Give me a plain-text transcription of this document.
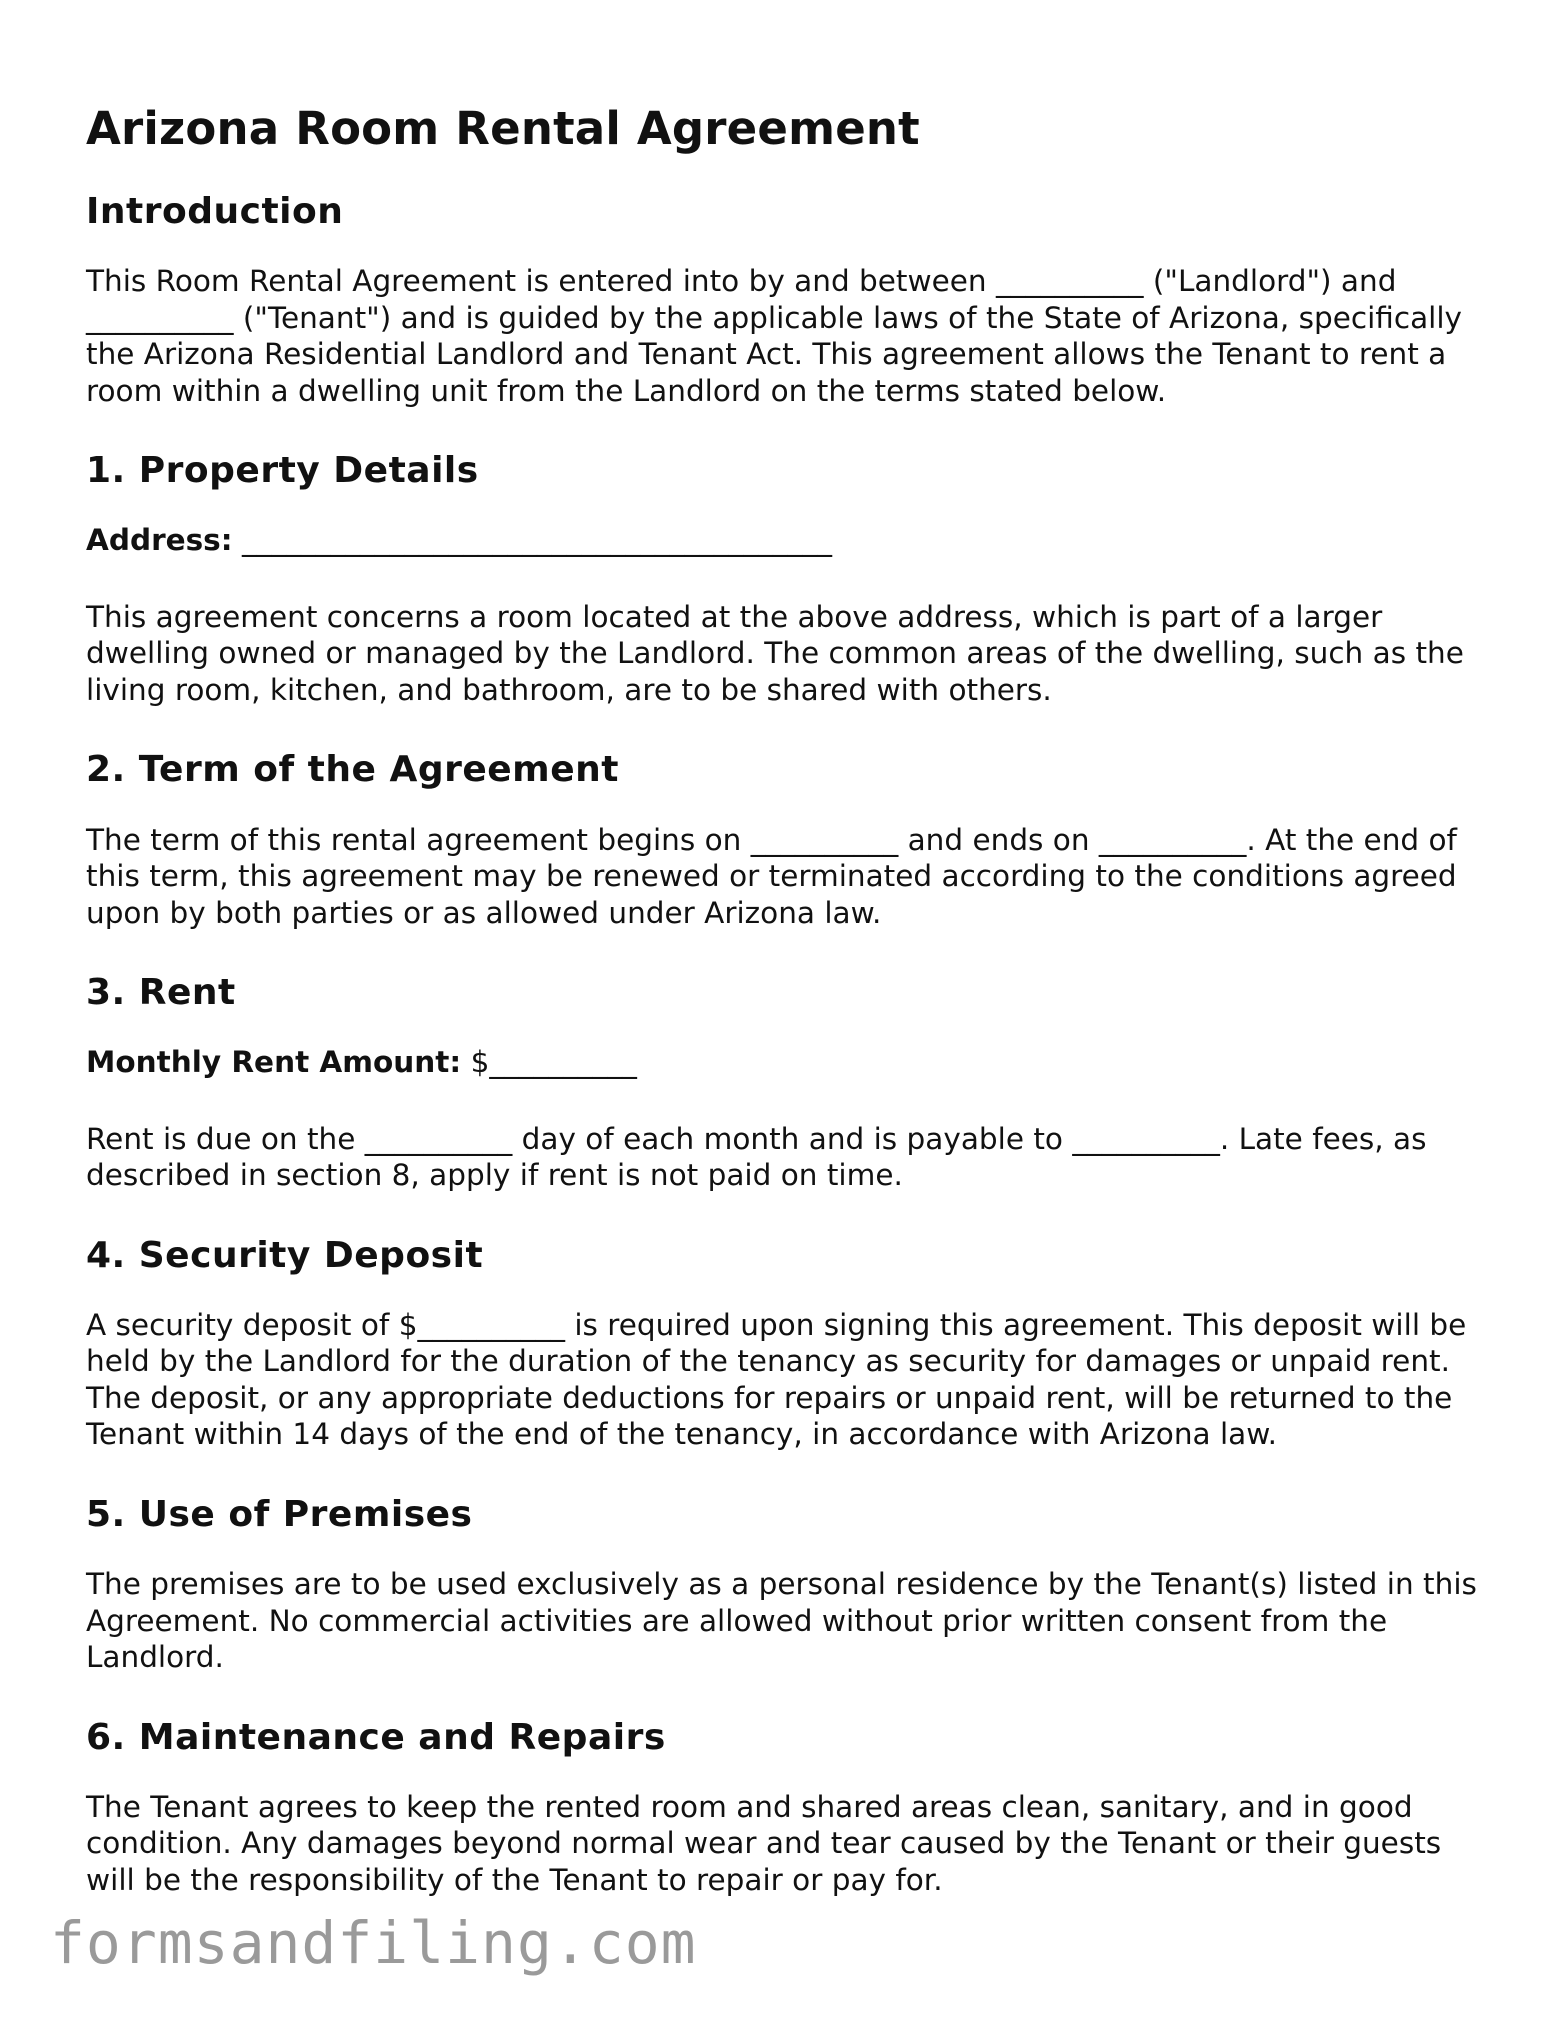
Arizona Room Rental Agreement
Introduction

This Room Rental Agreement is entered into by and between __________ ("Landlord") and __________ ("Tenant") and is guided by the applicable laws of the State of Arizona, specifically the Arizona Residential Landlord and Tenant Act. This agreement allows the Tenant to rent a room within a dwelling unit from the Landlord on the terms stated below.

1. Property Details
Address: ________________________________________

This agreement concerns a room located at the above address, which is part of a larger dwelling owned or managed by the Landlord. The common areas of the dwelling, such as the living room, kitchen, and bathroom, are to be shared with others.

2. Term of the Agreement

The term of this rental agreement begins on __________ and ends on __________. At the end of this term, this agreement may be renewed or terminated according to the conditions agreed upon by both parties or as allowed under Arizona law.

3. Rent
Monthly Rent Amount: $__________

Rent is due on the __________ day of each month and is payable to __________. Late fees, as described in section 8, apply if rent is not paid on time.

4. Security Deposit

A security deposit of $__________ is required upon signing this agreement. This deposit will be held by the Landlord for the duration of the tenancy as security for damages or unpaid rent. The deposit, or any appropriate deductions for repairs or unpaid rent, will be returned to the Tenant within 14 days of the end of the tenancy, in accordance with Arizona law.

5. Use of Premises

The premises are to be used exclusively as a personal residence by the Tenant(s) listed in this Agreement. No commercial activities are allowed without prior written consent from the Landlord.

6. Maintenance and Repairs

The Tenant agrees to keep the rented room and shared areas clean, sanitary, and in good condition. Any damages beyond normal wear and tear caused by the Tenant or their guests will be the responsibility of the Tenant to repair or pay for.

formsandfiling.com
